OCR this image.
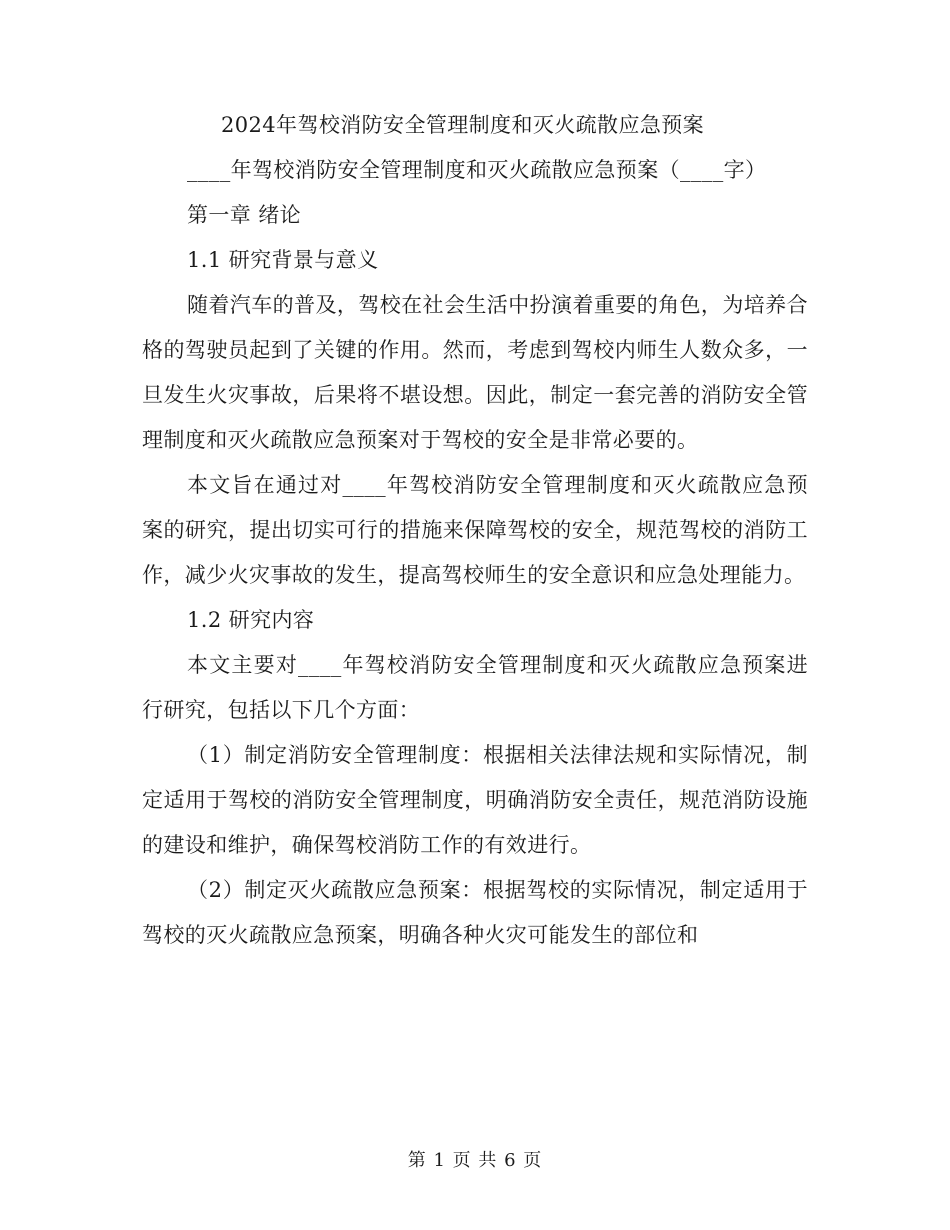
2024年驾校消防安全管理制度和灭火疏散应急预案

____年驾校消防安全管理制度和灭火疏散应急预案（____字）

第一章 绪论

1.1 研究背景与意义

随着汽车的普及，驾校在社会生活中扮演着重要的角色，为培养合格的驾驶员起到了关键的作用。然而，考虑到驾校内师生人数众多，一旦发生火灾事故，后果将不堪设想。因此，制定一套完善的消防安全管理制度和灭火疏散应急预案对于驾校的安全是非常必要的。

本文旨在通过对____年驾校消防安全管理制度和灭火疏散应急预案的研究，提出切实可行的措施来保障驾校的安全，规范驾校的消防工作，减少火灾事故的发生，提高驾校师生的安全意识和应急处理能力。

1.2 研究内容

本文主要对____年驾校消防安全管理制度和灭火疏散应急预案进行研究，包括以下几个方面：

（1）制定消防安全管理制度：根据相关法律法规和实际情况，制定适用于驾校的消防安全管理制度，明确消防安全责任，规范消防设施的建设和维护，确保驾校消防工作的有效进行。

（2）制定灭火疏散应急预案：根据驾校的实际情况，制定适用于驾校的灭火疏散应急预案，明确各种火灾可能发生的部位和

第 1 页 共 6 页
